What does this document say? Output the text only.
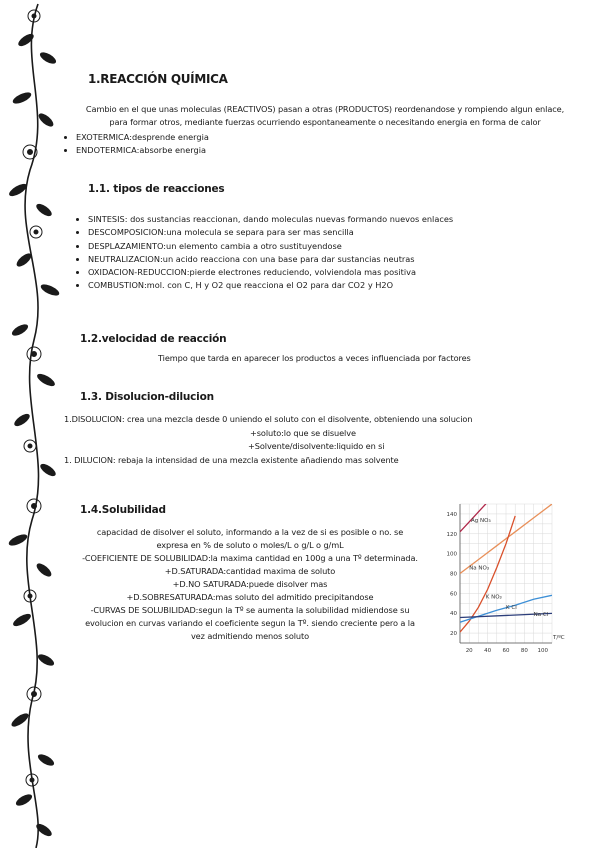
1.REACCIÓN QUÍMICA
Cambio en el que unas moleculas (REACTIVOS) pasan a otras (PRODUCTOS) reordenandose y rompiendo algun enlace,
para formar otros, mediante fuerzas ocurriendo espontaneamente o necesitando energia en forma de calor
• EXOTERMICA:desprende energia
• ENDOTERMICA:absorbe energia
1.1. tipos de reacciones
• SINTESIS: dos sustancias reaccionan, dando moleculas nuevas formando nuevos enlaces
• DESCOMPOSICION:una molecula se separa para ser mas sencilla
• DESPLAZAMIENTO:un elemento cambia a otro sustituyendose
• NEUTRALIZACION:un acido reacciona con una base para dar sustancias neutras
• OXIDACION-REDUCCION:pierde electrones reduciendo, volviendola mas positiva
• COMBUSTION:mol. con C, H y O2 que reacciona el O2 para dar CO2 y H2O
1.2.velocidad de reacción
Tiempo que tarda en aparecer los productos a veces influenciada por factores
1.3. Disolucion-dilucion
1.DISOLUCION: crea una mezcla desde 0 uniendo el soluto con el disolvente, obteniendo una solucion
+soluto:lo que se disuelve
+Solvente/disolvente:liquido en si
1. DILUCION: rebaja la intensidad de una mezcla existente añadiendo mas solvente
1.4.Solubilidad
capacidad de disolver el soluto, informando a la vez de si es posible o no. se
expresa en % de soluto o moles/L o g/L o g/mL
-COEFICIENTE DE SOLUBILIDAD:la maxima cantidad en 100g a una Tº determinada.
+D.SATURADA:cantidad maxima de soluto
+D.NO SATURADA:puede disolver mas
+D.SOBRESATURADA:mas soluto del admitido precipitandose
-CURVAS DE SOLUBILIDAD:segun la Tº se aumenta la solubilidad midiendose su
evolucion en curvas variando el coeficiente segun la Tº. siendo creciente pero a la
vez admitiendo menos soluto
20 40 60 80 100
20
40
60
80
100
120
140
T/ºC
Ag NO₃
Na NO₃
K NO₃
K Cl
Na Cl
